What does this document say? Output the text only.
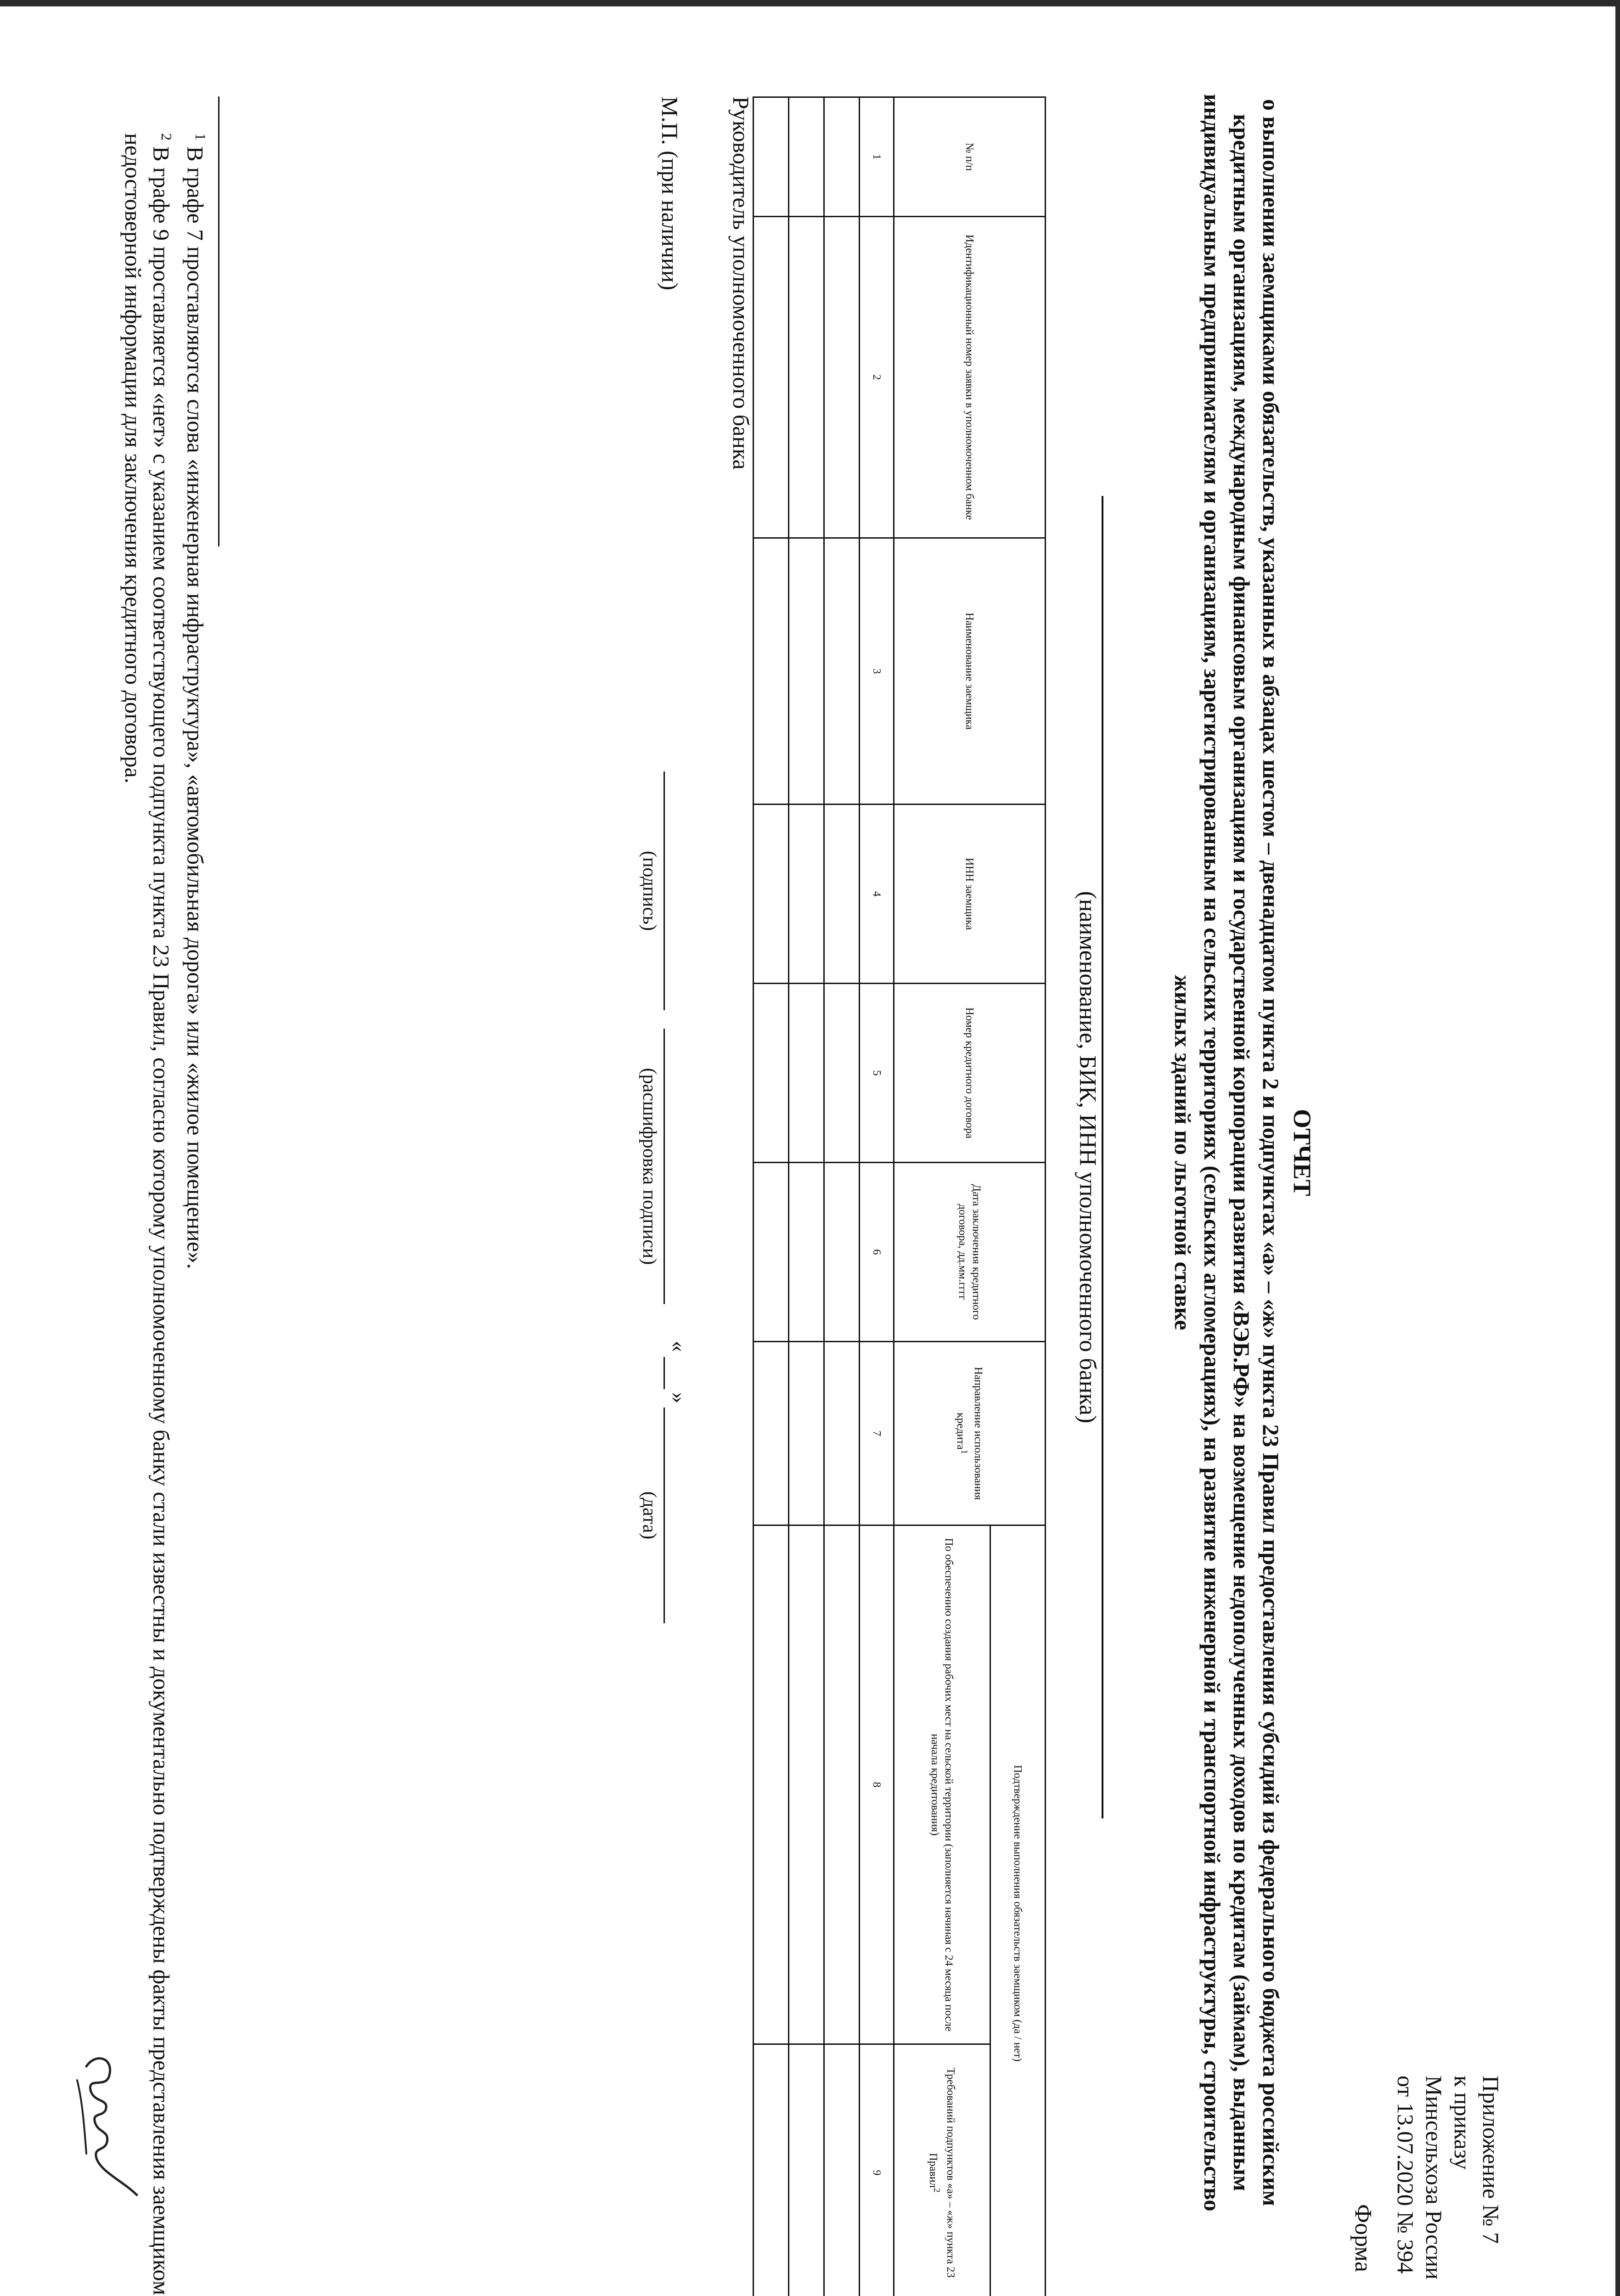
Приложение № 7
к приказу Минсельхоза России
от 13.07.2020 № 394
Форма
ОТЧЕТ
о выполнении заемщиками обязательств, указанных в абзацах шестом – двенадцатом пункта 2 и подпунктах «а» – «ж» пункта 23 Правил предоставления субсидий из федерального бюджета российским кредитным организациям, международным финансовым организациям и государственной корпорации развития «ВЭБ.РФ» на возмещение недополученных доходов по кредитам (займам), выданным индивидуальным предпринимателям и организациям, зарегистрированным на сельских территориях (сельских агломерациях), на развитие инженерной и транспортной инфраструктуры, строительство жилых зданий по льготной ставке
(наименование, БИК, ИНН уполномоченного банка)
№ п/п	Идентификационный номер заявки в уполномоченном банке	Наименование заемщика	ИНН заемщика	Номер кредитного договора	Дата заключения кредитного договора, дд.мм.гггг	Направление использования кредита$^1$	Подтверждение выполнения обязательств заемщиком (да / нет)	
							По обеспечению создания рабочих мест на сельской территории (заполняется начиная с 24 месяца после начала кредитования)	Требований подпунктов «а» – «ж» пункта 23 Правил$^2$
1	2	3	4	5	6	7	8	9

Руководитель уполномоченного банка
М.П. (при наличии)
(подпись)
(расшифровка подписи)
«
»
(дата)

$^1$ В графе 7 проставляются слова «инженерная инфраструктура», «автомобильная дорога» или «жилое помещение».

$^2$ В графе 9 проставляется «нет» с указанием соответствующего подпункта пункта 23 Правил, согласно которому уполномоченному банку стали известны и документально подтверждены факты представления заемщиком недостоверной информации для заключения кредитного договора.
